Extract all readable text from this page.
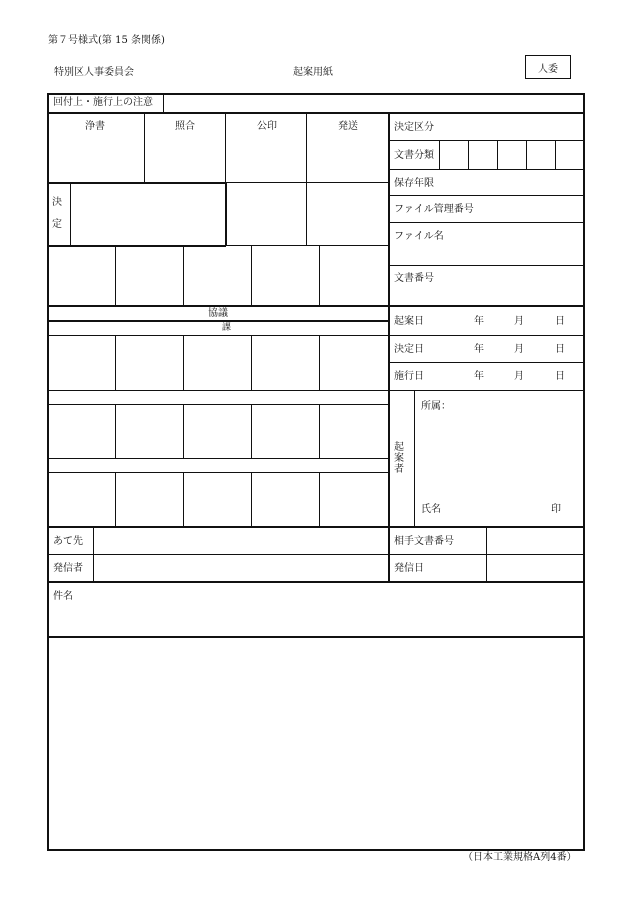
第７号様式(第 15 条関係)
特別区人事委員会	起案用紙	人委
回付上・施行上の注意
浄書	照合	公印	発送
決
定
協議
課
決定区分
文書分類
保存年限
ファイル管理番号
ファイル名
文書番号
起案日	年	月	日
決定日	年	月	日
施行日	年	月	日
起
案
者
所属：
氏名	印
あて先	相手文書番号
発信者	発信日
件名
（日本工業規格A列4番）
